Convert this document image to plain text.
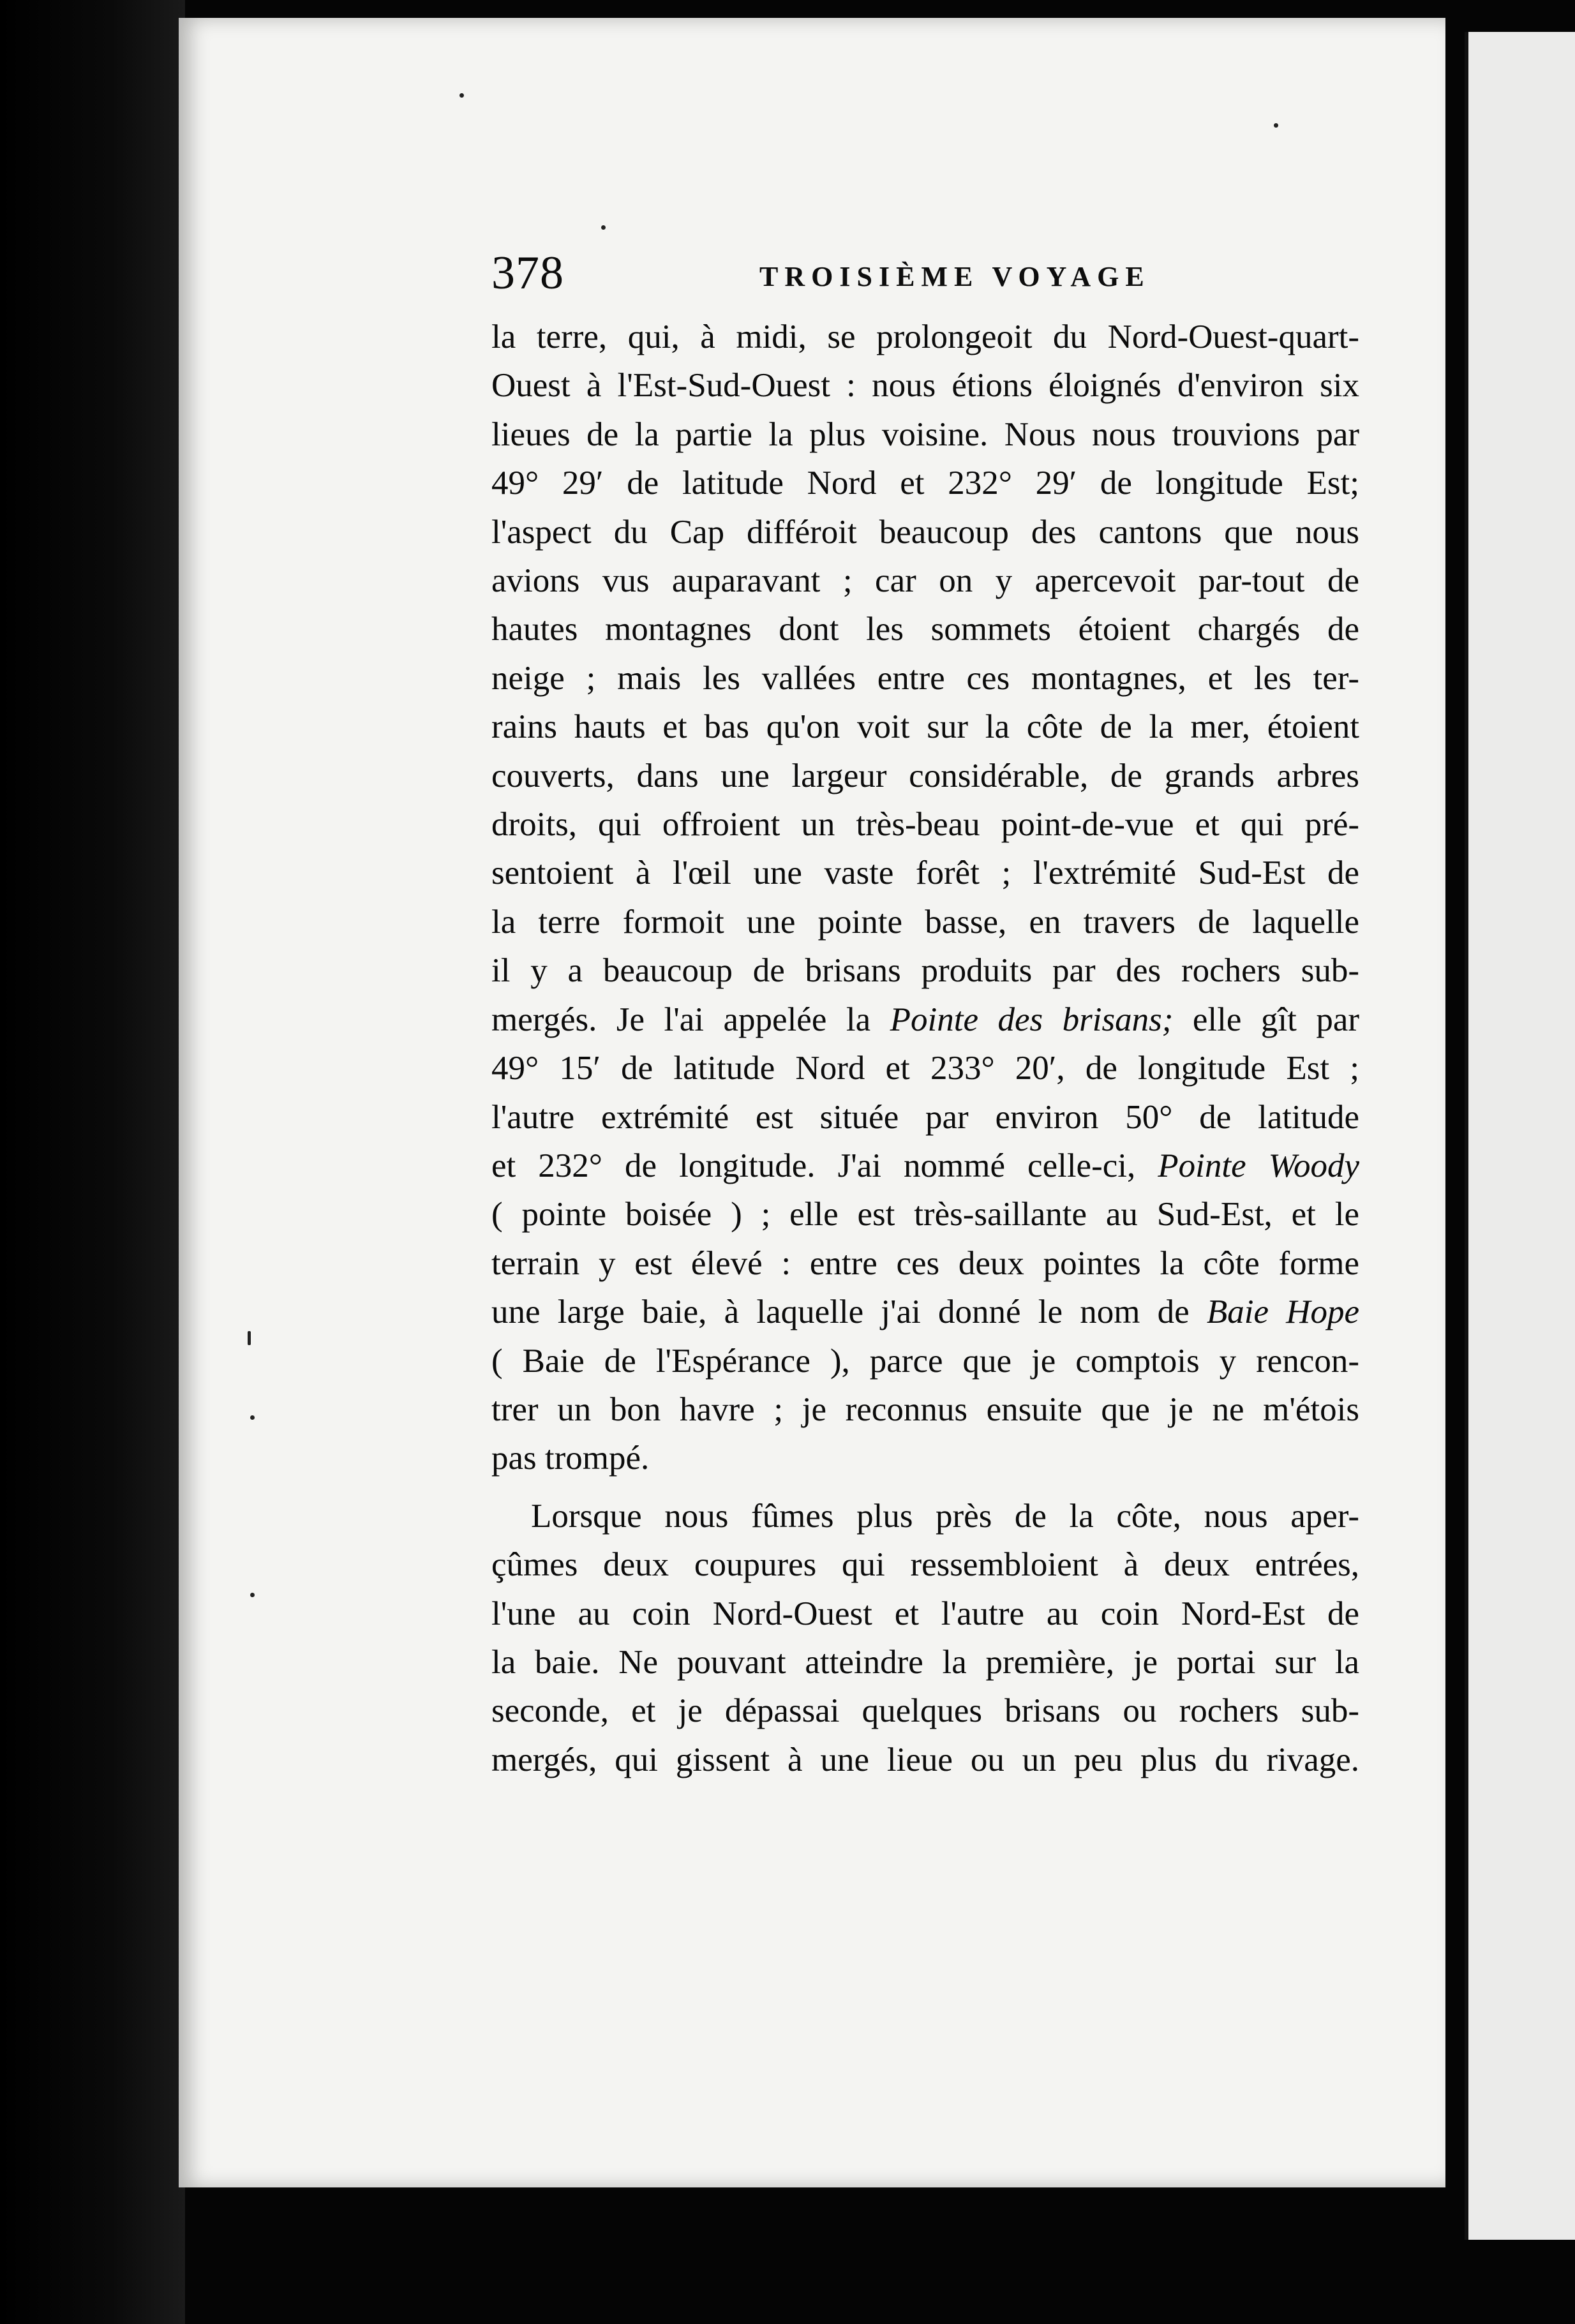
378	TROISIÈME VOYAGE
la terre, qui, à midi, se prolongeoit du Nord-Ouest-quart-
Ouest à l'Est-Sud-Ouest : nous étions éloignés d'environ six
lieues de la partie la plus voisine. Nous nous trouvions par
49° 29′ de latitude Nord et 232° 29′ de longitude Est;
l'aspect du Cap différoit beaucoup des cantons que nous
avions vus auparavant ; car on y apercevoit par-tout de
hautes montagnes dont les sommets étoient chargés de
neige ; mais les vallées entre ces montagnes, et les ter-
rains hauts et bas qu'on voit sur la côte de la mer, étoient
couverts, dans une largeur considérable, de grands arbres
droits, qui offroient un très-beau point-de-vue et qui pré-
sentoient à l'œil une vaste forêt ; l'extrémité Sud-Est de
la terre formoit une pointe basse, en travers de laquelle
il y a beaucoup de brisans produits par des rochers sub-
mergés. Je l'ai appelée la Pointe des brisans; elle gît par
49° 15′ de latitude Nord et 233° 20′, de longitude Est ;
l'autre extrémité est située par environ 50° de latitude
et 232° de longitude. J'ai nommé celle-ci, Pointe Woody
( pointe boisée ) ; elle est très-saillante au Sud-Est, et le
terrain y est élevé : entre ces deux pointes la côte forme
une large baie, à laquelle j'ai donné le nom de Baie Hope
( Baie de l'Espérance ), parce que je comptois y rencon-
trer un bon havre ; je reconnus ensuite que je ne m'étois
pas trompé.
Lorsque nous fûmes plus près de la côte, nous aper-
çûmes deux coupures qui ressembloient à deux entrées,
l'une au coin Nord-Ouest et l'autre au coin Nord-Est de
la baie. Ne pouvant atteindre la première, je portai sur la
seconde, et je dépassai quelques brisans ou rochers sub-
mergés, qui gissent à une lieue ou un peu plus du rivage.
